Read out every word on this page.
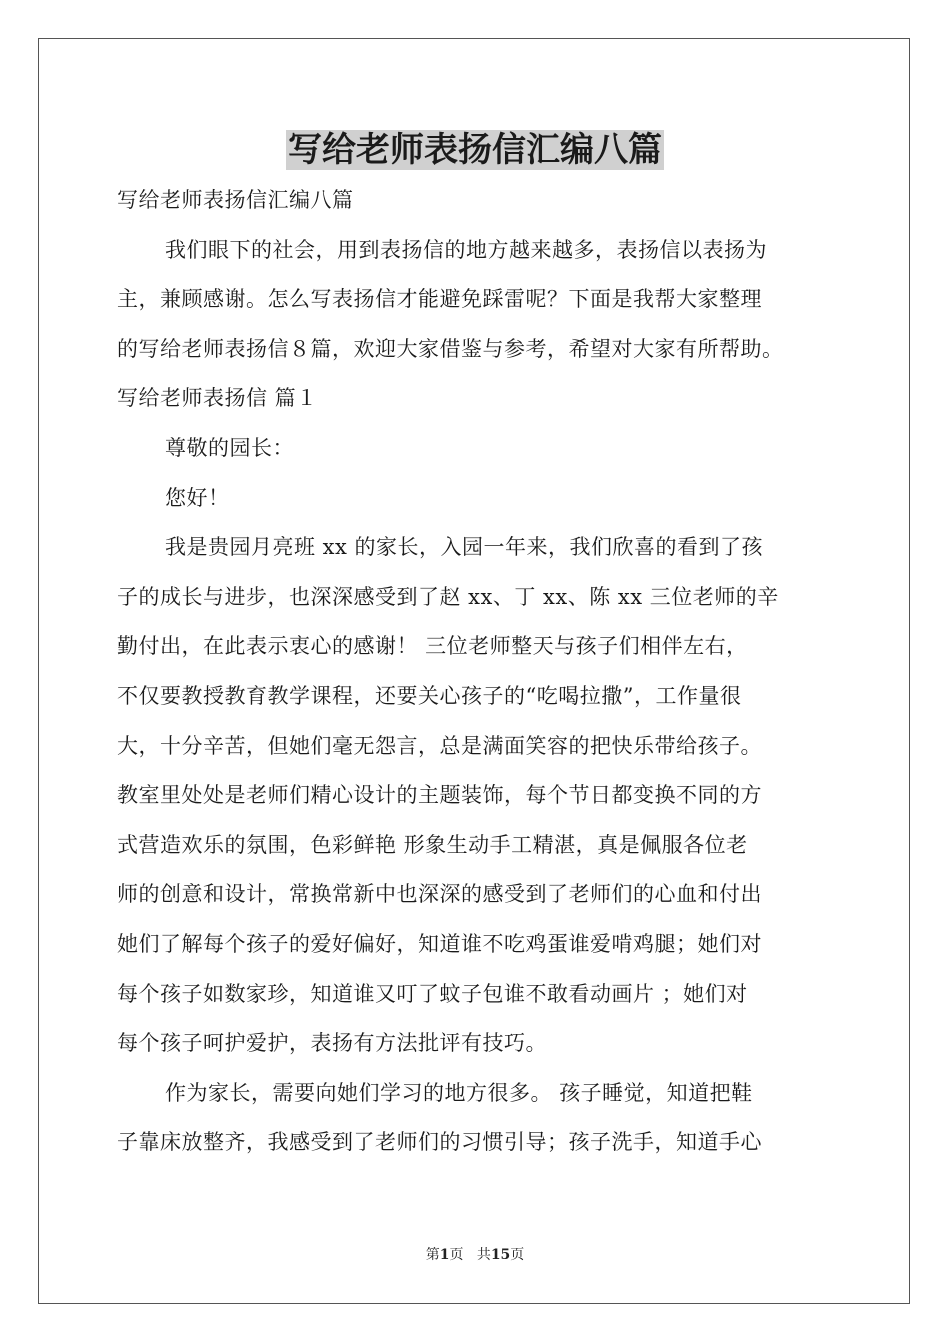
写给老师表扬信汇编八篇
写给老师表扬信汇编八篇
我们眼下的社会，用到表扬信的地方越来越多，表扬信以表扬为
主，兼顾感谢。怎么写表扬信才能避免踩雷呢？下面是我帮大家整理
的写给老师表扬信８篇，欢迎大家借鉴与参考，希望对大家有所帮助。
写给老师表扬信 篇１
尊敬的园长：
您好！
我是贵园月亮班 xx 的家长，入园一年来，我们欣喜的看到了孩
子的成长与进步，也深深感受到了赵 xx、丁 xx、陈 xx 三位老师的辛
勤付出，在此表示衷心的感谢！ 三位老师整天与孩子们相伴左右，
不仅要教授教育教学课程，还要关心孩子的“吃喝拉撒”，工作量很
大，十分辛苦，但她们毫无怨言，总是满面笑容的把快乐带给孩子。
教室里处处是老师们精心设计的主题装饰，每个节日都变换不同的方
式营造欢乐的氛围，色彩鲜艳 形象生动手工精湛，真是佩服各位老
师的创意和设计，常换常新中也深深的感受到了老师们的心血和付出
她们了解每个孩子的爱好偏好，知道谁不吃鸡蛋谁爱啃鸡腿；她们对
每个孩子如数家珍，知道谁又叮了蚊子包谁不敢看动画片 ；她们对
每个孩子呵护爱护，表扬有方法批评有技巧。
作为家长，需要向她们学习的地方很多。 孩子睡觉，知道把鞋
子靠床放整齐，我感受到了老师们的习惯引导；孩子洗手，知道手心
第1页 共15页
